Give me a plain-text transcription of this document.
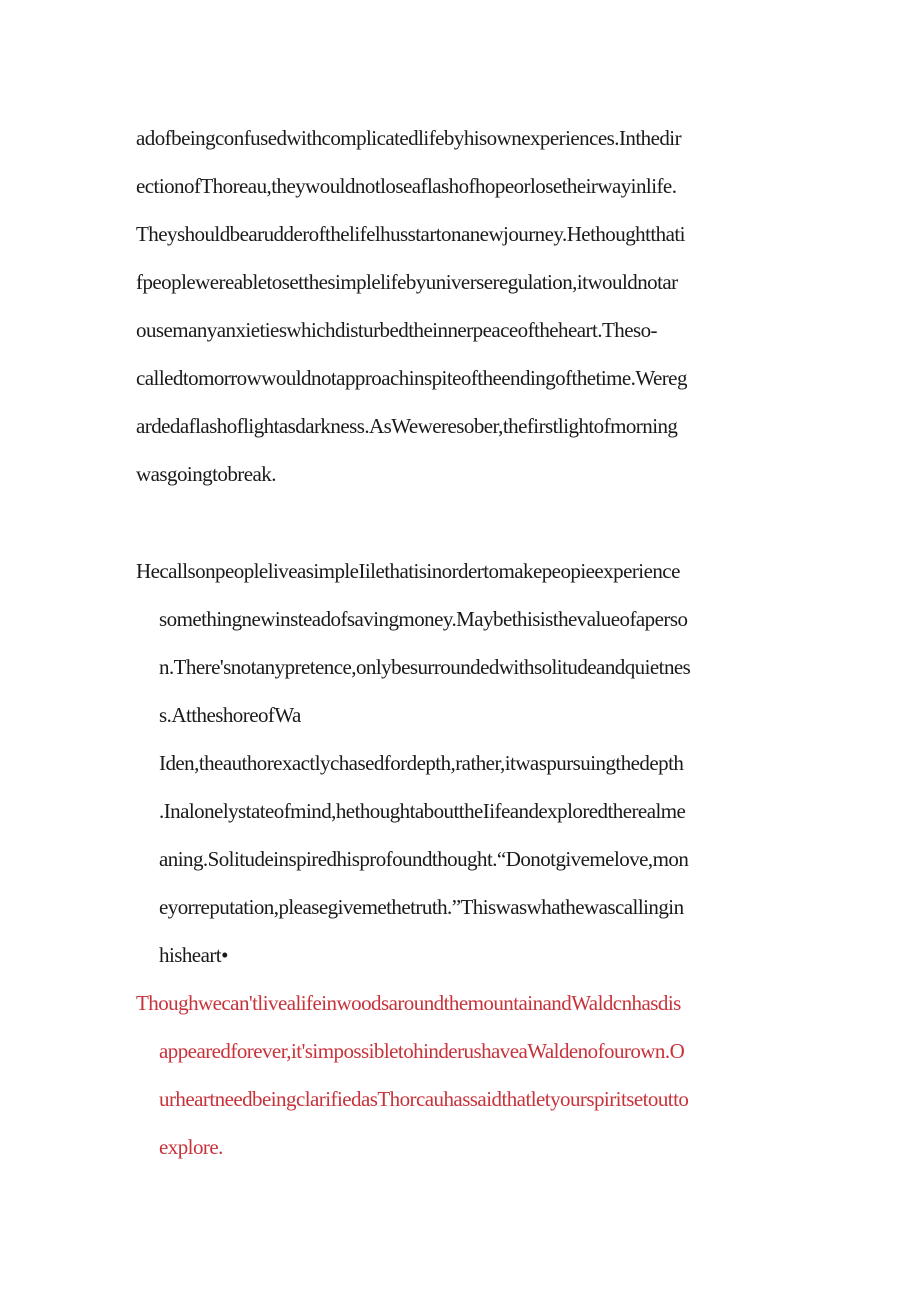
adofbeingconfusedwithcomplicatedlifebyhisownexperiences.Inthedir

ectionofThoreau,theywouldnotloseaflashofhopeorlosetheirwayinlife.

Theyshouldbearudderofthelifelhusstartonanewjourney.Hethoughtthati

fpeoplewereabletosetthesimplelifebyuniverseregulation,itwouldnotar

ousemanyanxietieswhichdisturbedtheinnerpeaceoftheheart.Theso-

calledtomorrowwouldnotapproachinspiteoftheendingofthetime.Wereg

ardedaflashoflightasdarkness.AsWeweresober,thefirstlightofmorning

wasgoingtobreak.

HecallsonpeopleliveasimpleIilethatisinordertomakepeopieexperience

somethingnewinsteadofsavingmoney.Maybethisisthevalueofaperso

n.There'snotanypretence,onlybesurroundedwithsolitudeandquietnes

s.AttheshoreofWa

Iden,theauthorexactlychasedfordepth,rather,itwaspursuingthedepth

.Inalonelystateofmind,hethoughtabouttheIifeandexploredtherealme

aning.Solitudeinspiredhisprofoundthought.“Donotgivemelove,mon

eyorreputation,pleasegivemethetruth.”Thiswaswhathewascallingin

hisheart•

Thoughwecan'tlivealifeinwoodsaroundthemountainandWaldcnhasdis

appearedforever,it'simpossibletohinderushaveaWaldenofourown.O

urheartneedbeingclarifiedasThorcauhassaidthatletyourspiritsetoutto

explore.
